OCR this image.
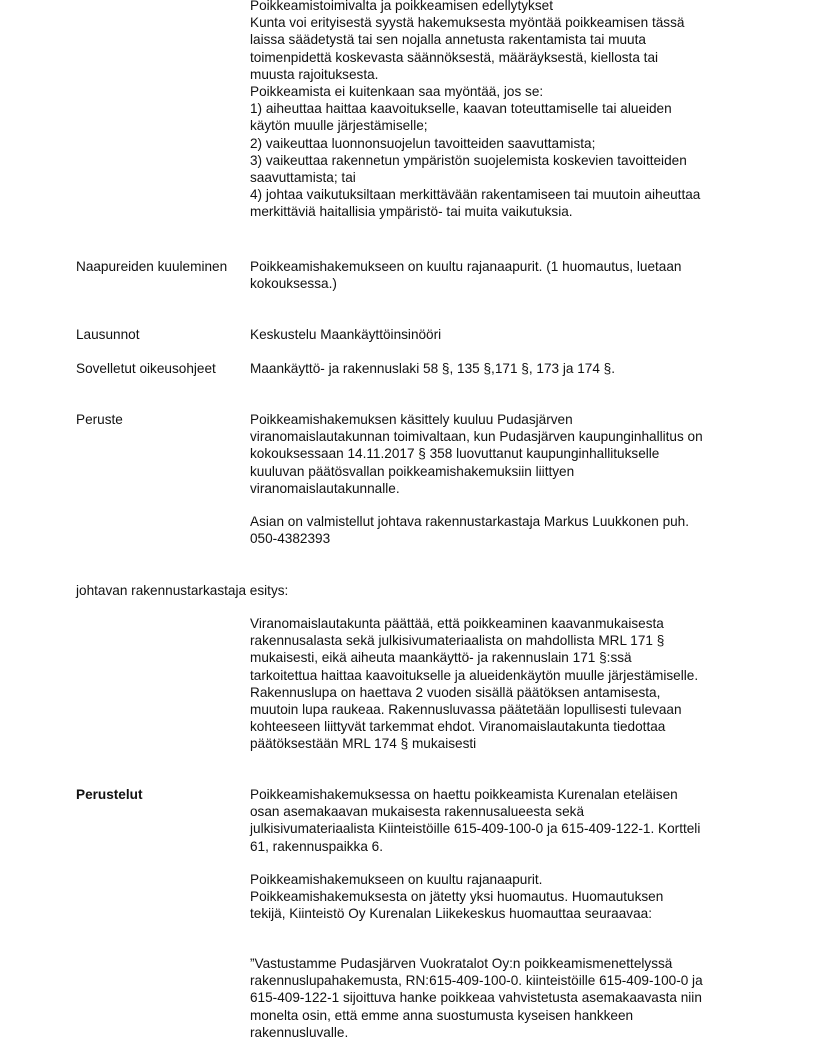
Poikkeamistoimivalta ja poikkeamisen edellytykset
Kunta voi erityisestä syystä hakemuksesta myöntää poikkeamisen tässä
laissa säädetystä tai sen nojalla annetusta rakentamista tai muuta
toimenpidettä koskevasta säännöksestä, määräyksestä, kiellosta tai
muusta rajoituksesta.
Poikkeamista ei kuitenkaan saa myöntää, jos se:
1) aiheuttaa haittaa kaavoitukselle, kaavan toteuttamiselle tai alueiden
käytön muulle järjestämiselle;
2) vaikeuttaa luonnonsuojelun tavoitteiden saavuttamista;
3) vaikeuttaa rakennetun ympäristön suojelemista koskevien tavoitteiden
saavuttamista; tai
4) johtaa vaikutuksiltaan merkittävään rakentamiseen tai muutoin aiheuttaa
merkittäviä haitallisia ympäristö- tai muita vaikutuksia.
Naapureiden kuuleminen	Poikkeamishakemukseen on kuultu rajanaapurit. (1 huomautus, luetaan
kokouksessa.)
Lausunnot	Keskustelu Maankäyttöinsinööri
Sovelletut oikeusohjeet	Maankäyttö- ja rakennuslaki 58 §, 135 §,171 §, 173 ja 174 §.
Peruste	Poikkeamishakemuksen käsittely kuuluu Pudasjärven
viranomaislautakunnan toimivaltaan, kun Pudasjärven kaupunginhallitus on
kokouksessaan 14.11.2017 § 358 luovuttanut kaupunginhallitukselle
kuuluvan päätösvallan poikkeamishakemuksiin liittyen
viranomaislautakunnalle.
Asian on valmistellut johtava rakennustarkastaja Markus Luukkonen puh.
050-4382393
johtavan rakennustarkastaja esitys:
Viranomaislautakunta päättää, että poikkeaminen kaavanmukaisesta
rakennusalasta sekä julkisivumateriaalista on mahdollista MRL 171 §
mukaisesti, eikä aiheuta maankäyttö- ja rakennuslain 171 §:ssä
tarkoitettua haittaa kaavoitukselle ja alueidenkäytön muulle järjestämiselle.
Rakennuslupa on haettava 2 vuoden sisällä päätöksen antamisesta,
muutoin lupa raukeaa. Rakennusluvassa päätetään lopullisesti tulevaan
kohteeseen liittyvät tarkemmat ehdot. Viranomaislautakunta tiedottaa
päätöksestään MRL 174 § mukaisesti
Perustelut	Poikkeamishakemuksessa on haettu poikkeamista Kurenalan eteläisen
osan asemakaavan mukaisesta rakennusalueesta sekä
julkisivumateriaalista Kiinteistöille 615-409-100-0 ja 615-409-122-1. Kortteli
61, rakennuspaikka 6.
Poikkeamishakemukseen on kuultu rajanaapurit.
Poikkeamishakemuksesta on jätetty yksi huomautus. Huomautuksen
tekijä, Kiinteistö Oy Kurenalan Liikekeskus huomauttaa seuraavaa:
”Vastustamme Pudasjärven Vuokratalot Oy:n poikkeamismenettelyssä
rakennuslupahakemusta, RN:615-409-100-0. kiinteistöille 615-409-100-0 ja
615-409-122-1 sijoittuva hanke poikkeaa vahvistetusta asemakaavasta niin
monelta osin, että emme anna suostumusta kyseisen hankkeen
rakennusluvalle.
